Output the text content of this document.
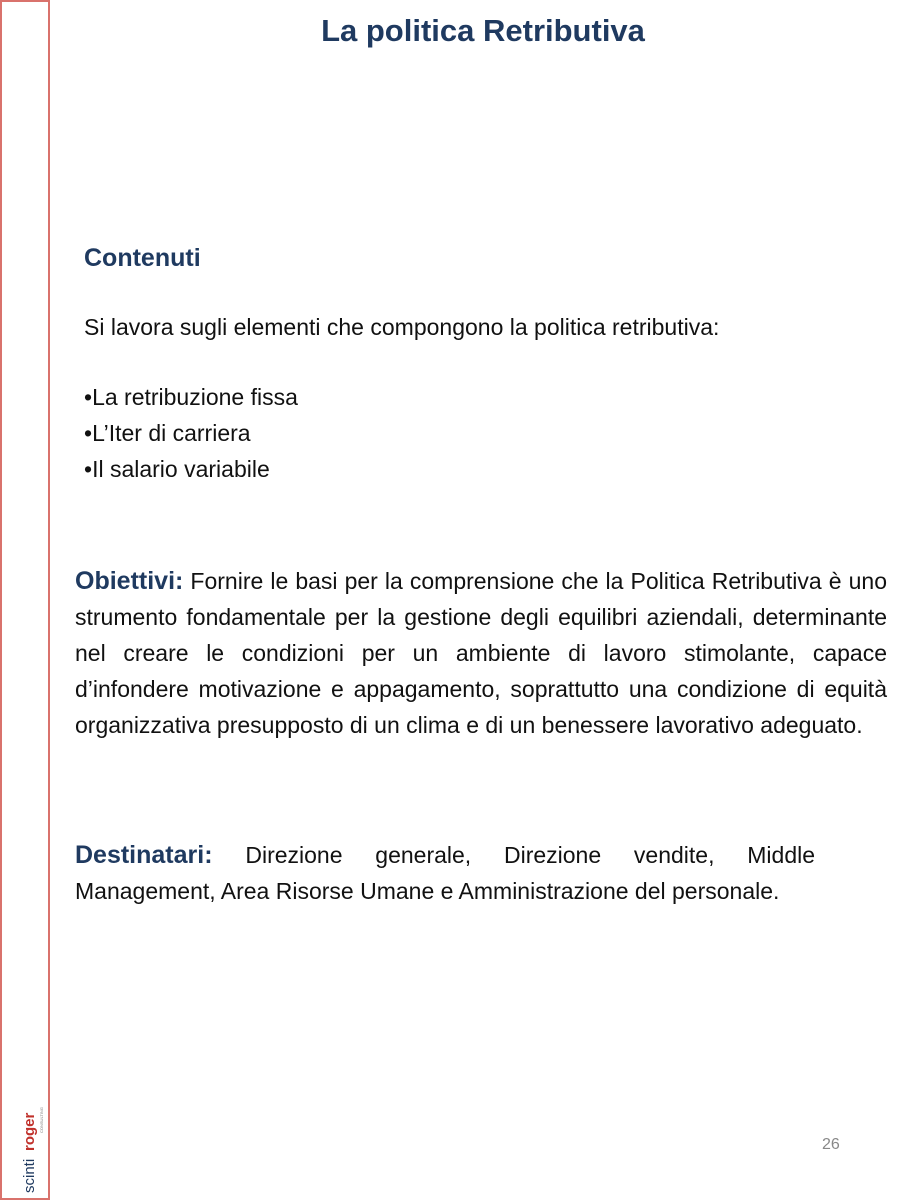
scinti
roger CONSULTING
La politica Retributiva
Contenuti
Si lavora sugli elementi che compongono la politica retributiva:
• La retribuzione fissa
• L’Iter di carriera
• Il salario variabile
Obiettivi: Fornire le basi per la comprensione che la Politica Retributiva è uno strumento fondamentale per la gestione degli equilibri aziendali, determinante nel creare le condizioni per un ambiente di lavoro stimolante, capace d’infondere motivazione e appagamento, soprattutto una condizione di equità organizzativa presupposto di un clima e di un benessere lavorativo adeguato.
Destinatari: Direzione generale, Direzione vendite, Middle Management, Area Risorse Umane e Amministrazione del personale.
26
